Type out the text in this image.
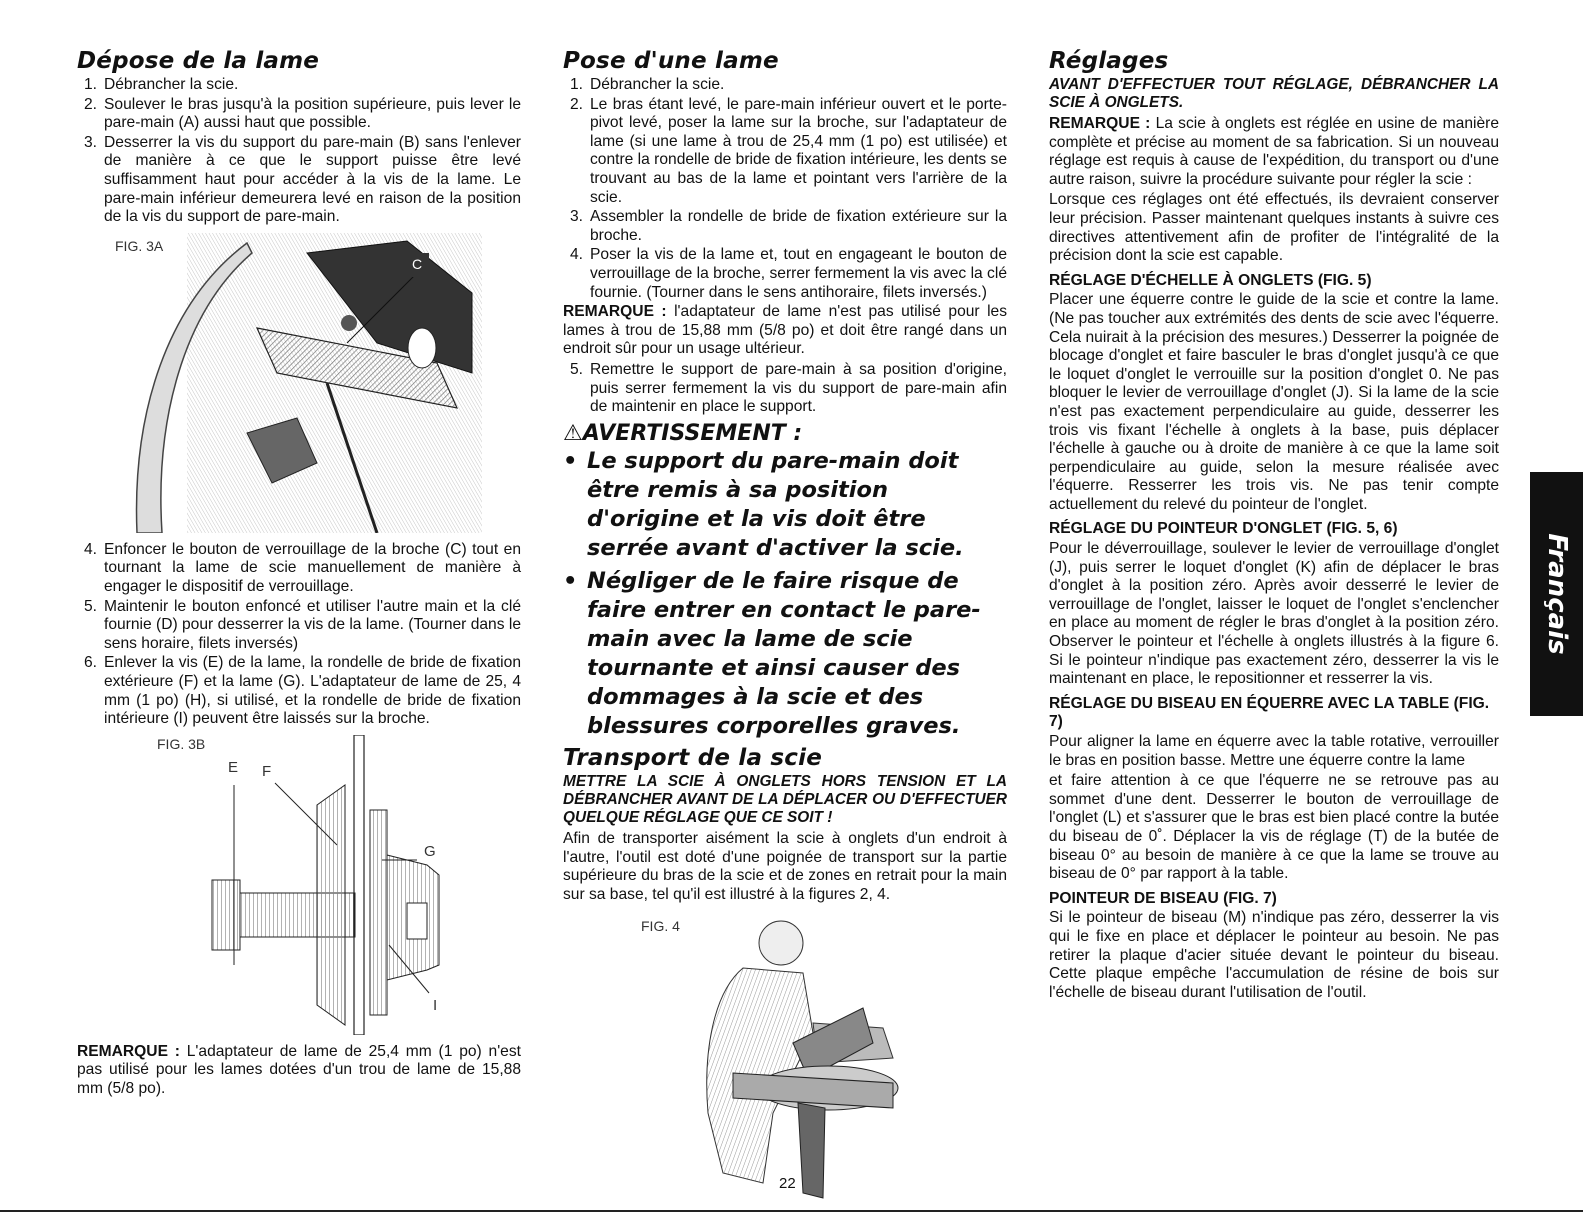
Dépose de la lame
1. Débrancher la scie.
2. Soulever le bras jusqu'à la position supérieure, puis lever le pare-main (A) aussi haut que possible.
3. Desserrer la vis du support du pare-main (B) sans l'enlever de manière à ce que le support puisse être levé suffisamment haut pour accéder à la vis de la lame. Le pare-main inférieur demeurera levé en raison de la position de la vis du support de pare-main.
FIG. 3A
C
4. Enfoncer le bouton de verrouillage de la broche (C) tout en tournant la lame de scie manuellement de manière à engager le dispositif de verrouillage.
5. Maintenir le bouton enfoncé et utiliser l'autre main et la clé fournie (D) pour desserrer la vis de la lame. (Tourner dans le sens horaire, filets inversés)
6. Enlever la vis (E) de la lame, la rondelle de bride de fixation extérieure (F) et la lame (G). L'adaptateur de lame de 25, 4 mm (1 po) (H), si utilisé, et la rondelle de bride de fixation intérieure (I) peuvent être laissés sur la broche.
FIG. 3B
E F
G
I

REMARQUE : L'adaptateur de lame de 25,4 mm (1 po) n'est pas utilisé pour les lames dotées d'un trou de lame de 15,88 mm (5/8 po).

Pose d'une lame
1. Débrancher la scie.
2. Le bras étant levé, le pare-main inférieur ouvert et le porte-pivot levé, poser la lame sur la broche, sur l'adaptateur de lame (si une lame à trou de 25,4 mm (1 po) est utilisée) et contre la rondelle de bride de fixation intérieure, les dents se trouvant au bas de la lame et pointant vers l'arrière de la scie.
3. Assembler la rondelle de bride de fixation extérieure sur la broche.
4. Poser la vis de la lame et, tout en engageant le bouton de verrouillage de la broche, serrer fermement la vis avec la clé fournie. (Tourner dans le sens antihoraire, filets inversés.)

REMARQUE : l'adaptateur de lame n'est pas utilisé pour les lames à trou de 15,88 mm (5/8 po) et doit être rangé dans un endroit sûr pour un usage ultérieur.

5. Remettre le support de pare-main à sa position d'origine, puis serrer fermement la vis du support de pare-main afin de maintenir en place le support.
⚠AVERTISSEMENT :
• Le support du pare-main doit être remis à sa position d'origine et la vis doit être serrée avant d'activer la scie.
• Négliger de le faire risque de faire entrer en contact le pare-main avec la lame de scie tournante et ainsi causer des dommages à la scie et des blessures corporelles graves.
Transport de la scie

METTRE LA SCIE À ONGLETS HORS TENSION ET LA DÉBRANCHER AVANT DE LA DÉPLACER OU D'EFFECTUER QUELQUE RÉGLAGE QUE CE SOIT !

Afin de transporter aisément la scie à onglets d'un endroit à l'autre, l'outil est doté d'une poignée de transport sur la partie supérieure du bras de la scie et de zones en retrait pour la main sur sa base, tel qu'il est illustré à la figures 2, 4.

FIG. 4
Réglages

AVANT D'EFFECTUER TOUT RÉGLAGE, DÉBRANCHER LA SCIE À ONGLETS.

REMARQUE : La scie à onglets est réglée en usine de manière complète et précise au moment de sa fabrication. Si un nouveau réglage est requis à cause de l'expédition, du transport ou d'une autre raison, suivre la procédure suivante pour régler la scie :

Lorsque ces réglages ont été effectués, ils devraient conserver leur précision. Passer maintenant quelques instants à suivre ces directives attentivement afin de profiter de l'intégralité de la précision dont la scie est capable.

RÉGLAGE D'ÉCHELLE À ONGLETS (FIG. 5)

Placer une équerre contre le guide de la scie et contre la lame. (Ne pas toucher aux extrémités des dents de scie avec l'équerre. Cela nuirait à la précision des mesures.) Desserrer la poignée de blocage d'onglet et faire basculer le bras d'onglet jusqu'à ce que le loquet d'onglet le verrouille sur la position d'onglet 0. Ne pas bloquer le levier de verrouillage d'onglet (J). Si la lame de la scie n'est pas exactement perpendiculaire au guide, desserrer les trois vis fixant l'échelle à onglets à la base, puis déplacer l'échelle à gauche ou à droite de manière à ce que la lame soit perpendiculaire au guide, selon la mesure réalisée avec l'équerre. Resserrer les trois vis. Ne pas tenir compte actuellement du relevé du pointeur de l'onglet.

RÉGLAGE DU POINTEUR D'ONGLET (FIG. 5, 6)

Pour le déverrouillage, soulever le levier de verrouillage d'onglet (J), puis serrer le loquet d'onglet (K) afin de déplacer le bras d'onglet à la position zéro. Après avoir desserré le levier de verrouillage de l'onglet, laisser le loquet de l'onglet s'enclencher en place au moment de régler le bras d'onglet à la position zéro. Observer le pointeur et l'échelle à onglets illustrés à la figure 6. Si le pointeur n'indique pas exactement zéro, desserrer la vis le maintenant en place, le repositionner et resserrer la vis.

RÉGLAGE DU BISEAU EN ÉQUERRE AVEC LA TABLE (FIG. 7)

Pour aligner la lame en équerre avec la table rotative, verrouiller le bras en position basse. Mettre une équerre contre la lame

et faire attention à ce que l'équerre ne se retrouve pas au sommet d'une dent. Desserrer le bouton de verrouillage de l'onglet (L) et s'assurer que le bras est bien placé contre la butée du biseau de 0˚. Déplacer la vis de réglage (T) de la butée de biseau 0° au besoin de manière à ce que la lame se trouve au biseau de 0° par rapport à la table.

POINTEUR DE BISEAU (FIG. 7)

Si le pointeur de biseau (M) n'indique pas zéro, desserrer la vis qui le fixe en place et déplacer le pointeur au besoin. Ne pas retirer la plaque d'acier située devant le pointeur du biseau. Cette plaque empêche l'accumulation de résine de bois sur l'échelle de biseau durant l'utilisation de l'outil.

Français
22
